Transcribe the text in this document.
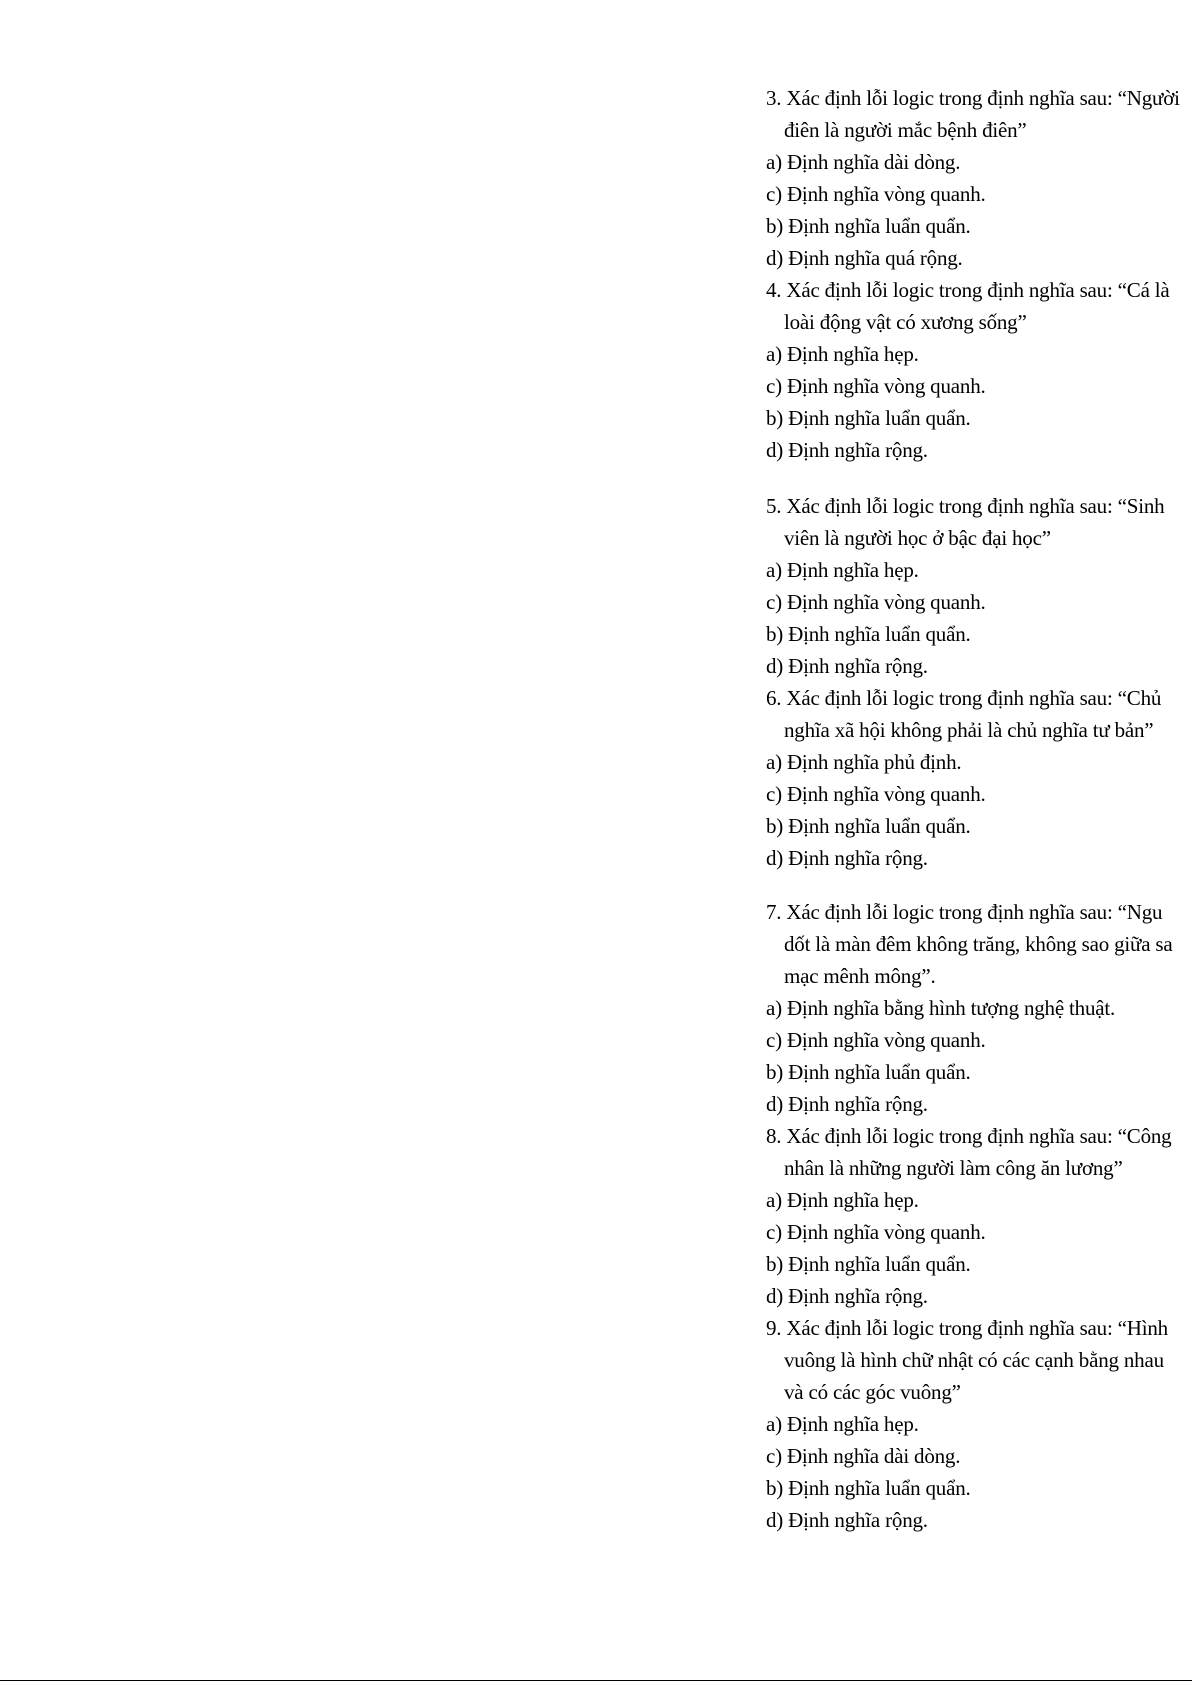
3. Xác định lỗi logic trong định nghĩa sau: “Người điên là người mắc bệnh điên”

a) Định nghĩa dài dòng.

c) Định nghĩa vòng quanh.

b) Định nghĩa luẩn quẩn.

d) Định nghĩa quá rộng.

4. Xác định lỗi logic trong định nghĩa sau: “Cá là loài động vật có xương sống”

a) Định nghĩa hẹp.

c) Định nghĩa vòng quanh.

b) Định nghĩa luẩn quẩn.

d) Định nghĩa rộng.

5. Xác định lỗi logic trong định nghĩa sau: “Sinh viên là người học ở bậc đại học”

a) Định nghĩa hẹp.

c) Định nghĩa vòng quanh.

b) Định nghĩa luẩn quẩn.

d) Định nghĩa rộng.

6. Xác định lỗi logic trong định nghĩa sau: “Chủ nghĩa xã hội không phải là chủ nghĩa tư bản”

a) Định nghĩa phủ định.

c) Định nghĩa vòng quanh.

b) Định nghĩa luẩn quẩn.

d) Định nghĩa rộng.

7. Xác định lỗi logic trong định nghĩa sau: “Ngu dốt là màn đêm không trăng, không sao giữa sa mạc mênh mông”.

a) Định nghĩa bằng hình tượng nghệ thuật.

c) Định nghĩa vòng quanh.

b) Định nghĩa luẩn quẩn.

d) Định nghĩa rộng.

8. Xác định lỗi logic trong định nghĩa sau: “Công nhân là những người làm công ăn lương”

a) Định nghĩa hẹp.

c) Định nghĩa vòng quanh.

b) Định nghĩa luẩn quẩn.

d) Định nghĩa rộng.

9. Xác định lỗi logic trong định nghĩa sau: “Hình vuông là hình chữ nhật có các cạnh bằng nhau và có các góc vuông”

a) Định nghĩa hẹp.

c) Định nghĩa dài dòng.

b) Định nghĩa luẩn quẩn.

d) Định nghĩa rộng.
